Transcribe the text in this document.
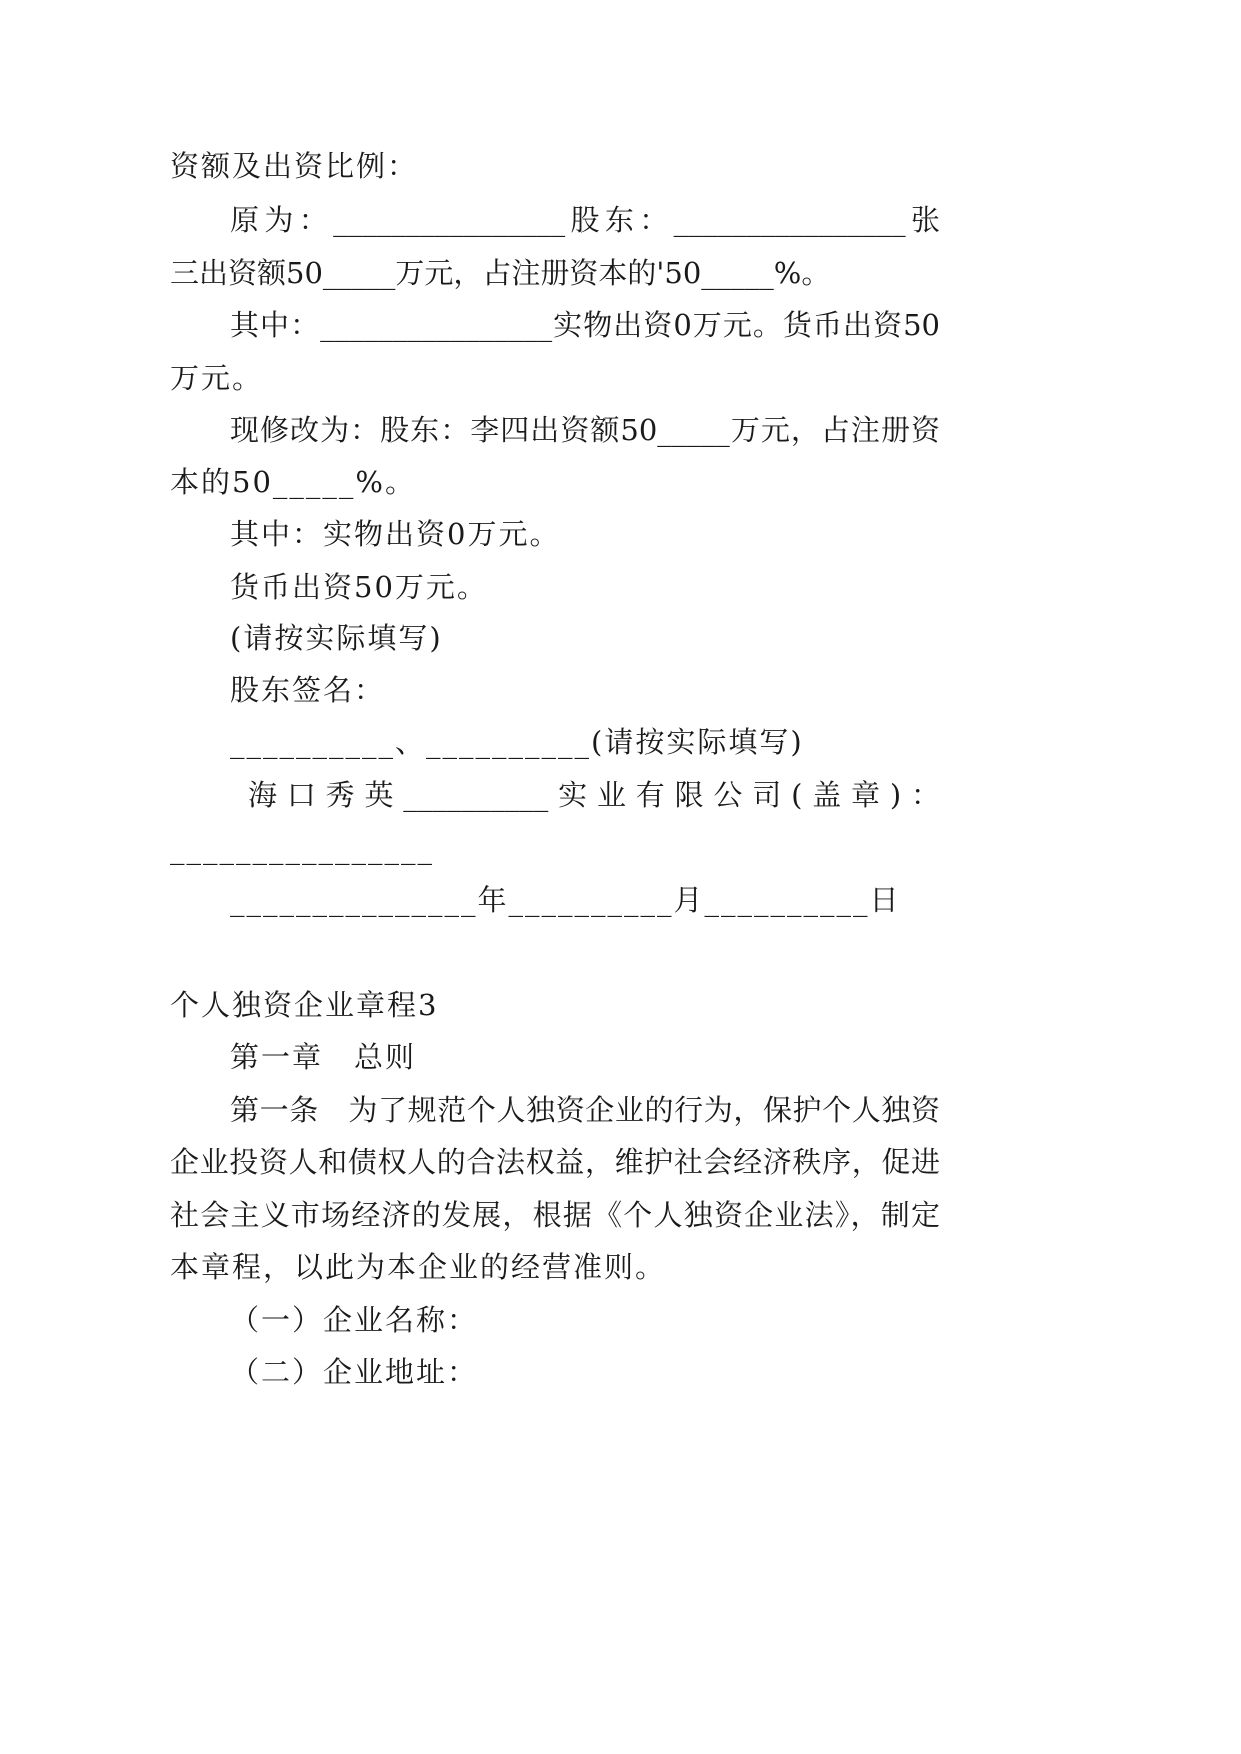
资额及出资比例：
原为：________________股东：________________张
三出资额50_____万元，占注册资本的'50_____%。
其中：________________实物出资0万元。货币出资50
万元。
现修改为：股东：李四出资额50_____万元，占注册资
本的50_____%。
其中：实物出资0万元。
货币出资50万元。
(请按实际填写)
股东签名：
__________、__________(请按实际填写)
海口秀英__________实业有限公司(盖章)：
________________
_______________年__________月__________日
个人独资企业章程3
第一章　总则
第一条　为了规范个人独资企业的行为，保护个人独资
企业投资人和债权人的合法权益，维护社会经济秩序，促进
社会主义市场经济的发展，根据《个人独资企业法》，制定
本章程，以此为本企业的经营准则。
（一）企业名称：
（二）企业地址：
